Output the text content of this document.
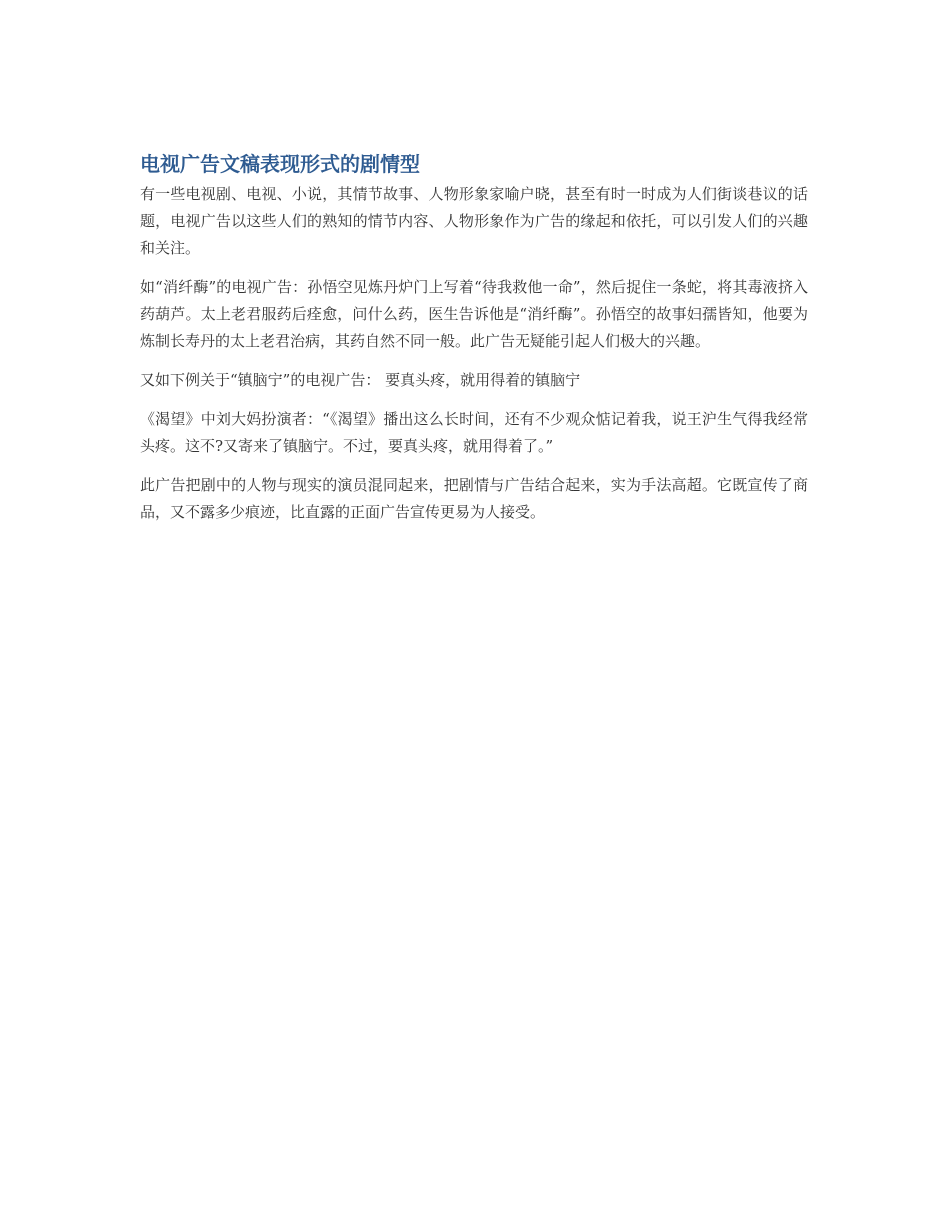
电视广告文稿表现形式的剧情型

有一些电视剧、电视、小说，其情节故事、人物形象家喻户晓，甚至有时一时成为人们街谈巷议的话题，电视广告以这些人们的熟知的情节内容、人物形象作为广告的缘起和依托，可以引发人们的兴趣和关注。

如“消纤酶”的电视广告：孙悟空见炼丹炉门上写着“待我救他一命”，然后捉住一条蛇，将其毒液挤入药葫芦。太上老君服药后痊愈，问什么药，医生告诉他是“消纤酶”。孙悟空的故事妇孺皆知，他要为炼制长寿丹的太上老君治病，其药自然不同一般。此广告无疑能引起人们极大的兴趣。

又如下例关于“镇脑宁”的电视广告： 要真头疼，就用得着的镇脑宁

《渴望》中刘大妈扮演者：“《渴望》播出这么长时间，还有不少观众惦记着我，说王沪生气得我经常头疼。这不?又寄来了镇脑宁。不过，要真头疼，就用得着了。”

此广告把剧中的人物与现实的演员混同起来，把剧情与广告结合起来，实为手法高超。它既宣传了商品，又不露多少痕迹，比直露的正面广告宣传更易为人接受。
